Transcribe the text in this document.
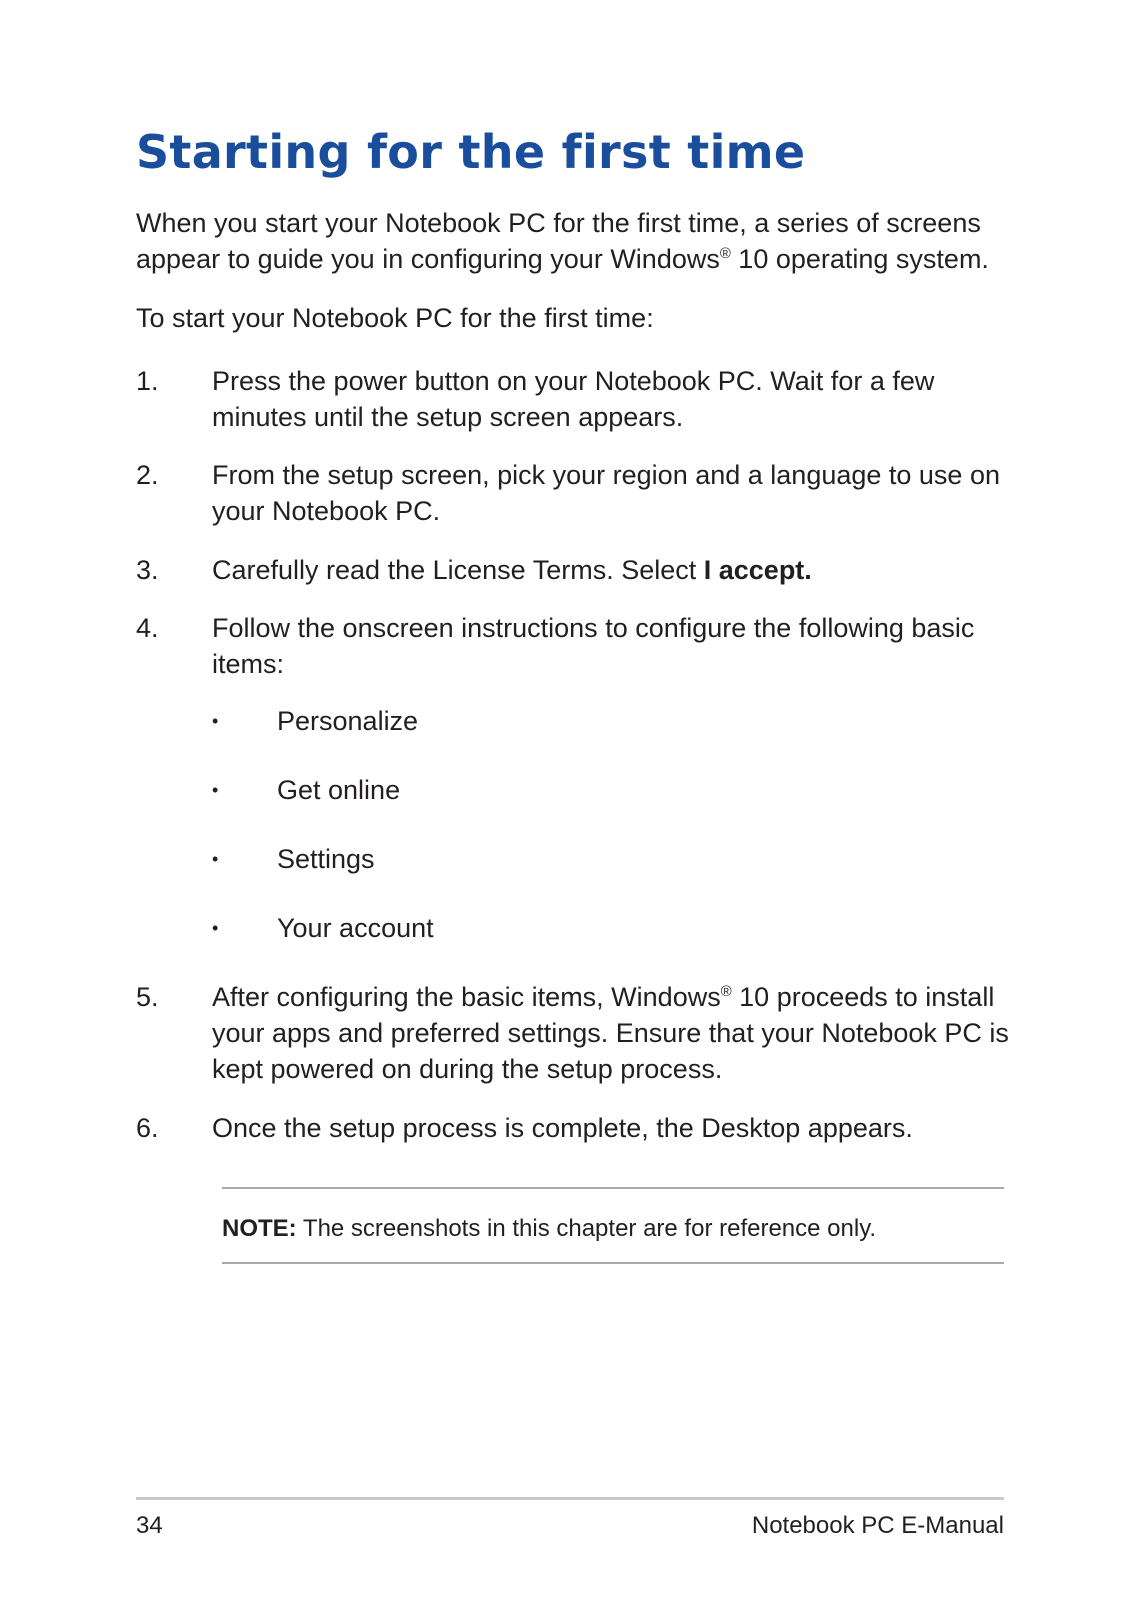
Starting for the first time

When you start your Notebook PC for the first time, a series of screens appear to guide you in configuring your Windows® 10 operating system.

To start your Notebook PC for the first time:

1. Press the power button on your Notebook PC. Wait for a few minutes until the setup screen appears.
2. From the setup screen, pick your region and a language to use on your Notebook PC.
3. Carefully read the License Terms. Select I accept.
4. Follow the onscreen instructions to configure the following basic items:
• Personalize
• Get online
• Settings
• Your account
5. After configuring the basic items, Windows® 10 proceeds to install your apps and preferred settings. Ensure that your Notebook PC is kept powered on during the setup process.
6. Once the setup process is complete, the Desktop appears.

NOTE: The screenshots in this chapter are for reference only.

34	Notebook PC E-Manual
